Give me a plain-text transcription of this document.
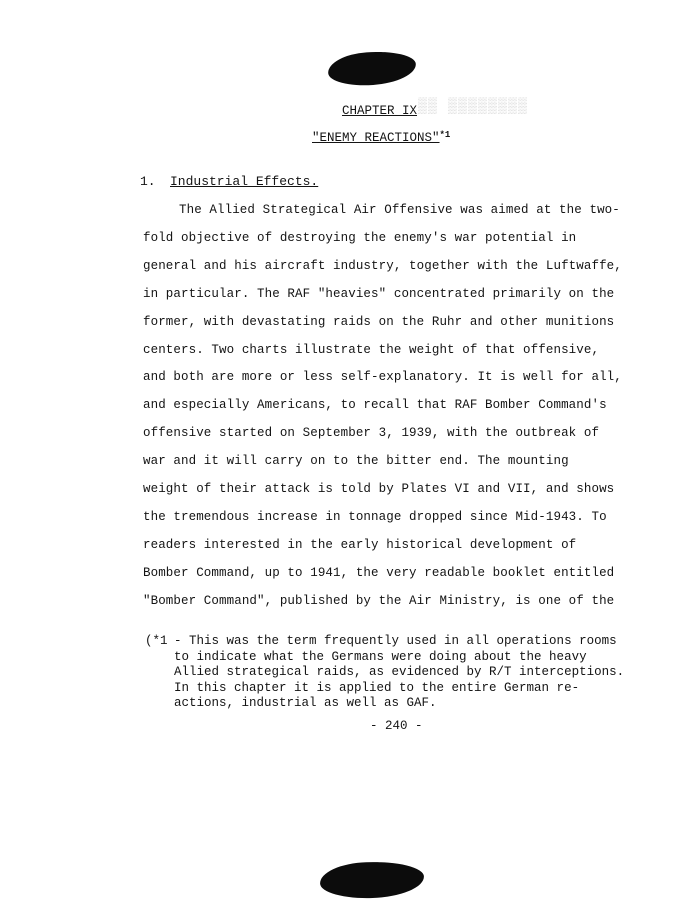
▒▒ ▒▒▒▒▒▒▒▒
CHAPTER IX
"ENEMY REACTIONS"$^{*1}$
1. Industrial Effects.
The Allied Strategical Air Offensive was aimed at the two-
fold objective of destroying the enemy's war potential in
general and his aircraft industry, together with the Luftwaffe,
in particular. The RAF "heavies" concentrated primarily on the
former, with devastating raids on the Ruhr and other munitions
centers. Two charts illustrate the weight of that offensive,
and both are more or less self-explanatory. It is well for all,
and especially Americans, to recall that RAF Bomber Command's
offensive started on September 3, 1939, with the outbreak of
war and it will carry on to the bitter end. The mounting
weight of their attack is told by Plates VI and VII, and shows
the tremendous increase in tonnage dropped since Mid-1943. To
readers interested in the early historical development of
Bomber Command, up to 1941, the very readable booklet entitled
"Bomber Command", published by the Air Ministry, is one of the
(*1 - This was the term frequently used in all operations rooms
to indicate what the Germans were doing about the heavy
Allied strategical raids, as evidenced by R/T interceptions.
In this chapter it is applied to the entire German re-
actions, industrial as well as GAF.
- 240 -
